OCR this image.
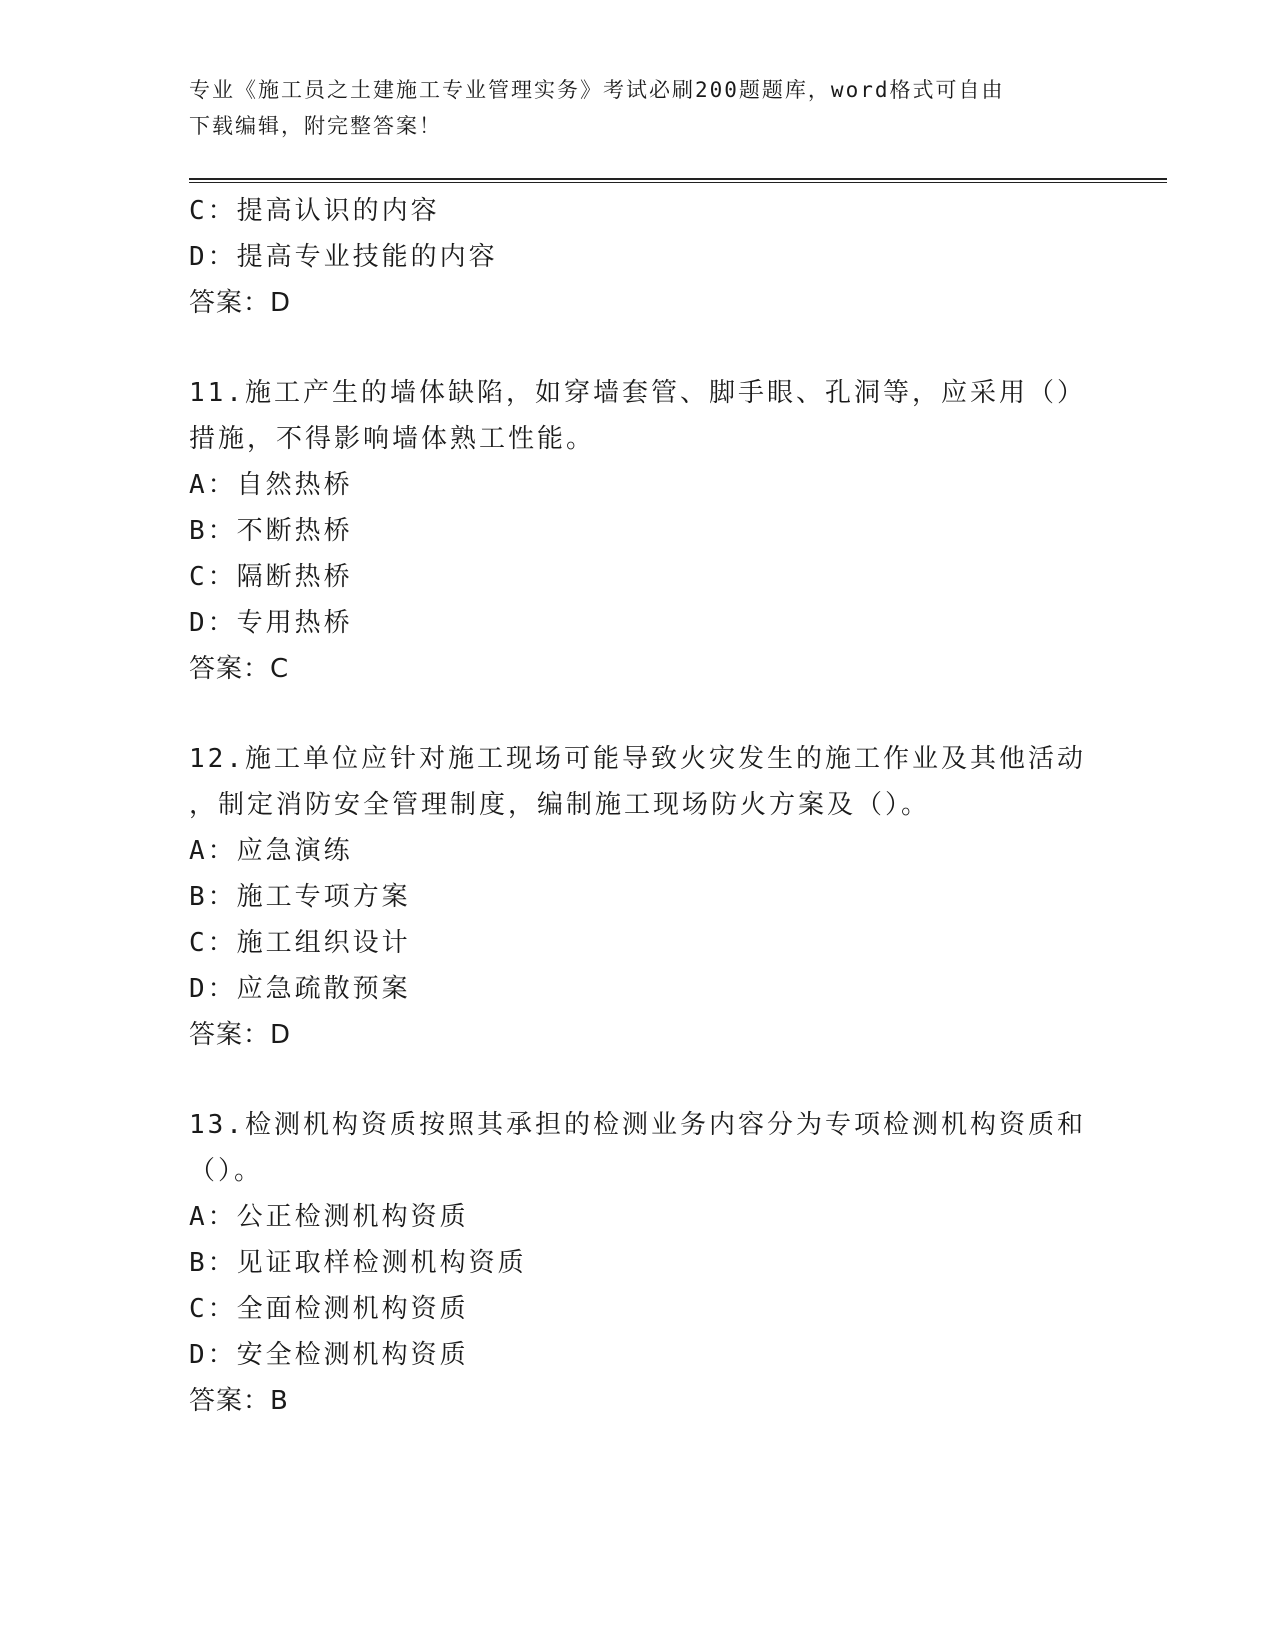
专业《施工员之土建施工专业管理实务》考试必刷200题题库，word格式可自由
下载编辑，附完整答案！
C：提高认识的内容
D：提高专业技能的内容
答案：D
11.施工产生的墙体缺陷，如穿墙套管、脚手眼、孔洞等，应采用（）
措施，不得影响墙体熟工性能。
A：自然热桥
B：不断热桥
C：隔断热桥
D：专用热桥
答案：C
12.施工单位应针对施工现场可能导致火灾发生的施工作业及其他活动
，制定消防安全管理制度，编制施工现场防火方案及（）。
A：应急演练
B：施工专项方案
C：施工组织设计
D：应急疏散预案
答案：D
13.检测机构资质按照其承担的检测业务内容分为专项检测机构资质和
（）。
A：公正检测机构资质
B：见证取样检测机构资质
C：全面检测机构资质
D：安全检测机构资质
答案：B
